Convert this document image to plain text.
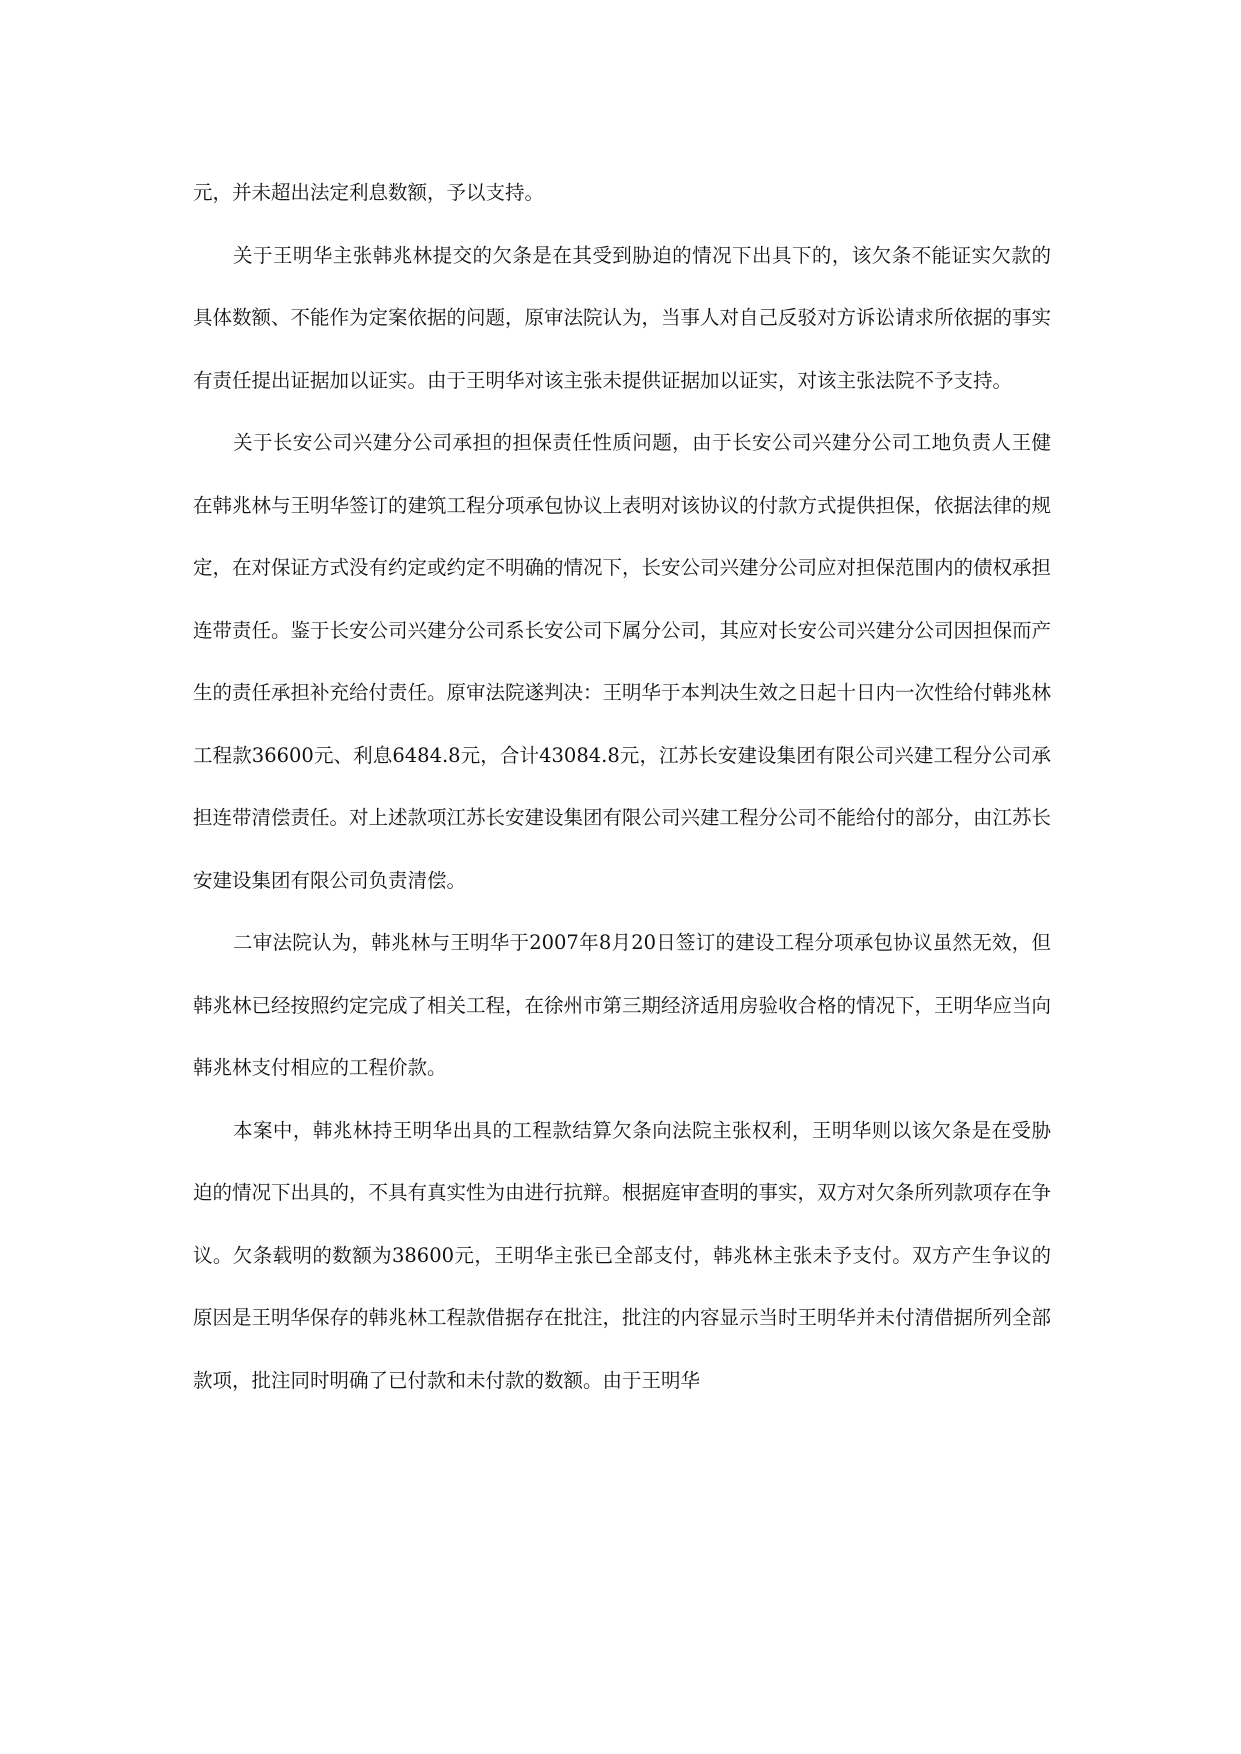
元，并未超出法定利息数额，予以支持。

关于王明华主张韩兆林提交的欠条是在其受到胁迫的情况下出具下的，该欠条不能证实欠款的具体数额、不能作为定案依据的问题，原审法院认为，当事人对自己反驳对方诉讼请求所依据的事实有责任提出证据加以证实。由于王明华对该主张未提供证据加以证实，对该主张法院不予支持。

关于长安公司兴建分公司承担的担保责任性质问题，由于长安公司兴建分公司工地负责人王健在韩兆林与王明华签订的建筑工程分项承包协议上表明对该协议的付款方式提供担保，依据法律的规定，在对保证方式没有约定或约定不明确的情况下，长安公司兴建分公司应对担保范围内的债权承担连带责任。鉴于长安公司兴建分公司系长安公司下属分公司，其应对长安公司兴建分公司因担保而产生的责任承担补充给付责任。原审法院遂判决：王明华于本判决生效之日起十日内一次性给付韩兆林工程款36600元、利息6484.8元，合计43084.8元，江苏长安建设集团有限公司兴建工程分公司承担连带清偿责任。对上述款项江苏长安建设集团有限公司兴建工程分公司不能给付的部分，由江苏长安建设集团有限公司负责清偿。

二审法院认为，韩兆林与王明华于2007年8月20日签订的建设工程分项承包协议虽然无效，但韩兆林已经按照约定完成了相关工程，在徐州市第三期经济适用房验收合格的情况下，王明华应当向韩兆林支付相应的工程价款。

本案中，韩兆林持王明华出具的工程款结算欠条向法院主张权利，王明华则以该欠条是在受胁迫的情况下出具的，不具有真实性为由进行抗辩。根据庭审查明的事实，双方对欠条所列款项存在争议。欠条载明的数额为38600元，王明华主张已全部支付，韩兆林主张未予支付。双方产生争议的原因是王明华保存的韩兆林工程款借据存在批注，批注的内容显示当时王明华并未付清借据所列全部款项，批注同时明确了已付款和未付款的数额。由于王明华
